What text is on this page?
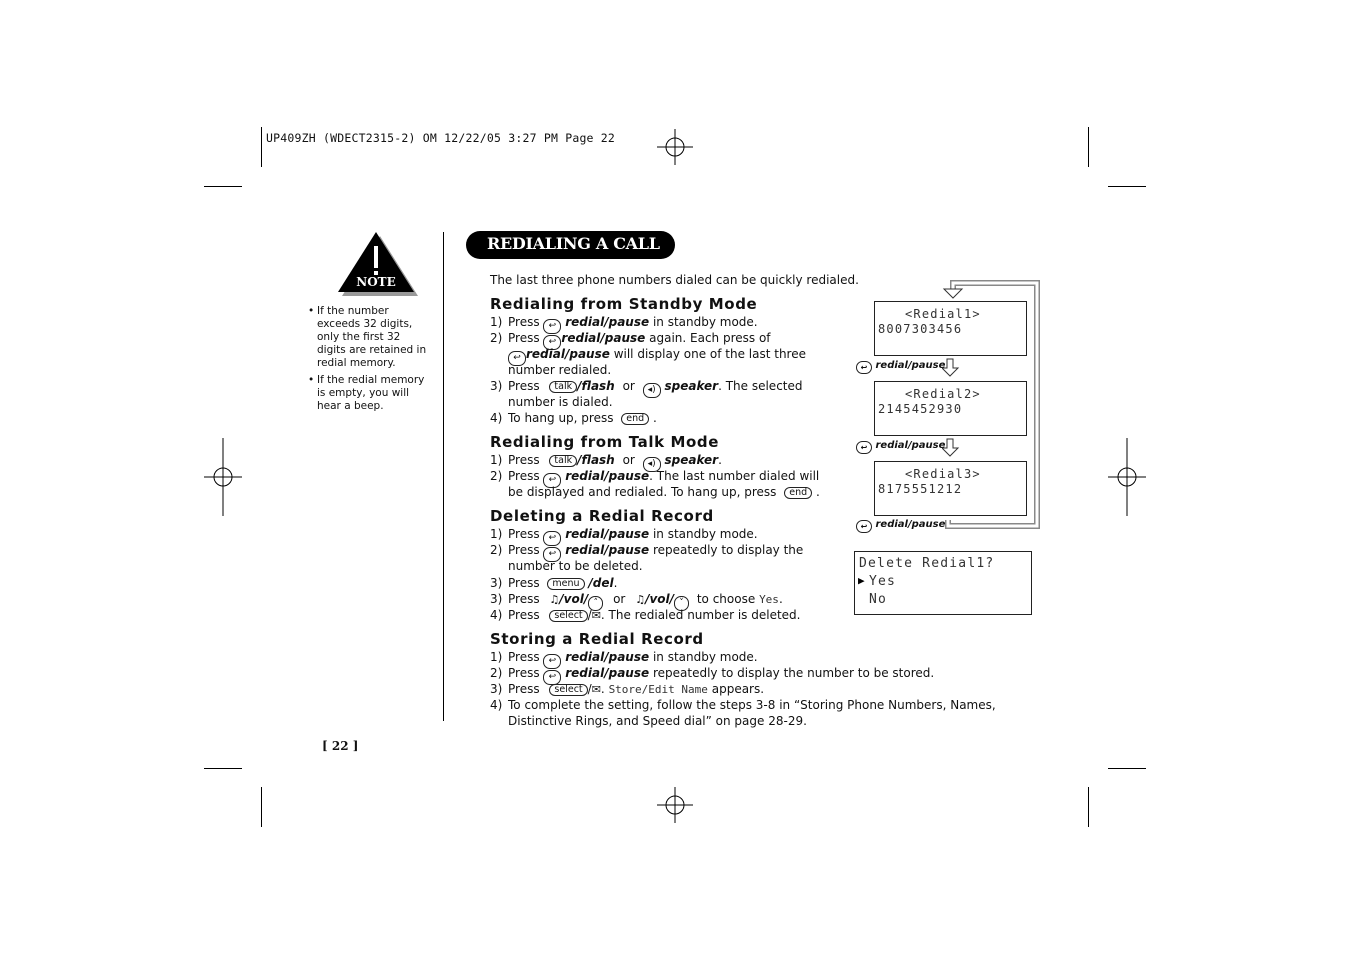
UP409ZH (WDECT2315-2) OM 12/22/05 3:27 PM Page 22
NOTE
• If the number exceeds 32 digits, only the first 32 digits are retained in redial memory.
• If the redial memory is empty, you will hear a beep.
[ 22 ]
REDIALING A CALL
The last three phone numbers dialed can be quickly redialed.
Redialing from Standby Mode
1) Press ↩ redial/pause in standby mode.
2) Press ↩ redial/pause again. Each press of
↩ redial/pause will display one of the last three
number redialed.
3) Press talk /flash or ◂) speaker. The selected
number is dialed.
4) To hang up, press end .
Redialing from Talk Mode
1) Press talk /flash or ◂) speaker.
2) Press ↩ redial/pause. The last number dialed will
be displayed and redialed. To hang up, press end .
Deleting a Redial Record
1) Press ↩ redial/pause in standby mode.
2) Press ↩ redial/pause repeatedly to display the
number to be deleted.
3) Press menu /del.
3) Press ♫/vol/ ˄ or ♫/vol/ ˅ to choose Yes.
4) Press select /✉. The redialed number is deleted.
Storing a Redial Record
1) Press ↩ redial/pause in standby mode.
2) Press ↩ redial/pause repeatedly to display the number to be stored.
3) Press select /✉. Store/Edit Name appears.
4) To complete the setting, follow the steps 3-8 in “Storing Phone Numbers, Names,
Distinctive Rings, and Speed dial” on page 28-29.
<Redial1>
8007303456
<Redial2>
2145452930
<Redial3>
8175551212
↩ redial/pause
↩ redial/pause
↩ redial/pause
Delete Redial1?
▶ Yes
No
